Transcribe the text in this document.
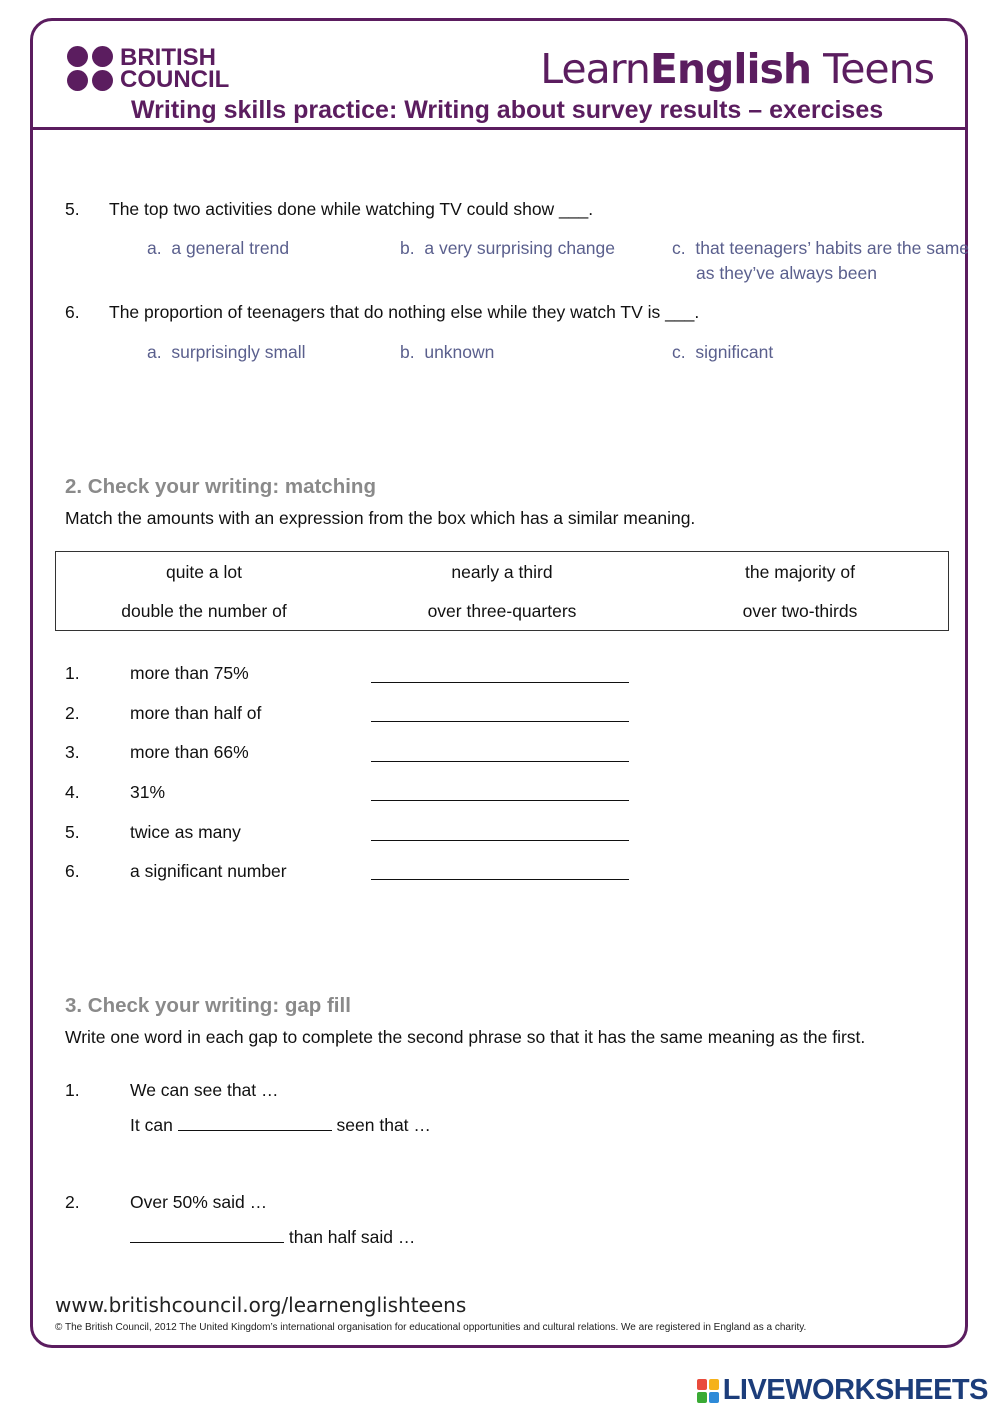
BRITISH
COUNCIL	LearnEnglish Teens
Writing skills practice: Writing about survey results – exercises
5. The top two activities done while watching TV could show ___.
a. a general trend	b. a very surprising change	c. that teenagers’ habits are the same as they’ve always been
6. The proportion of teenagers that do nothing else while they watch TV is ___.
a. surprisingly small	b. unknown	c. significant
2. Check your writing: matching
Match the amounts with an expression from the box which has a similar meaning.
quite a lot	nearly a third	the majority of
double the number of	over three-quarters	over two-thirds
1.	more than 75%
2.	more than half of
3.	more than 66%
4.	31%
5.	twice as many
6.	a significant number
3. Check your writing: gap fill
Write one word in each gap to complete the second phrase so that it has the same meaning as the first.
1.	We can see that …
It can	seen that …
2.	Over 50% said …
than half said …
www.britishcouncil.org/learnenglishteens
© The British Council, 2012 The United Kingdom’s international organisation for educational opportunities and cultural relations. We are registered in England as a charity.
LIVEWORKSHEETS
